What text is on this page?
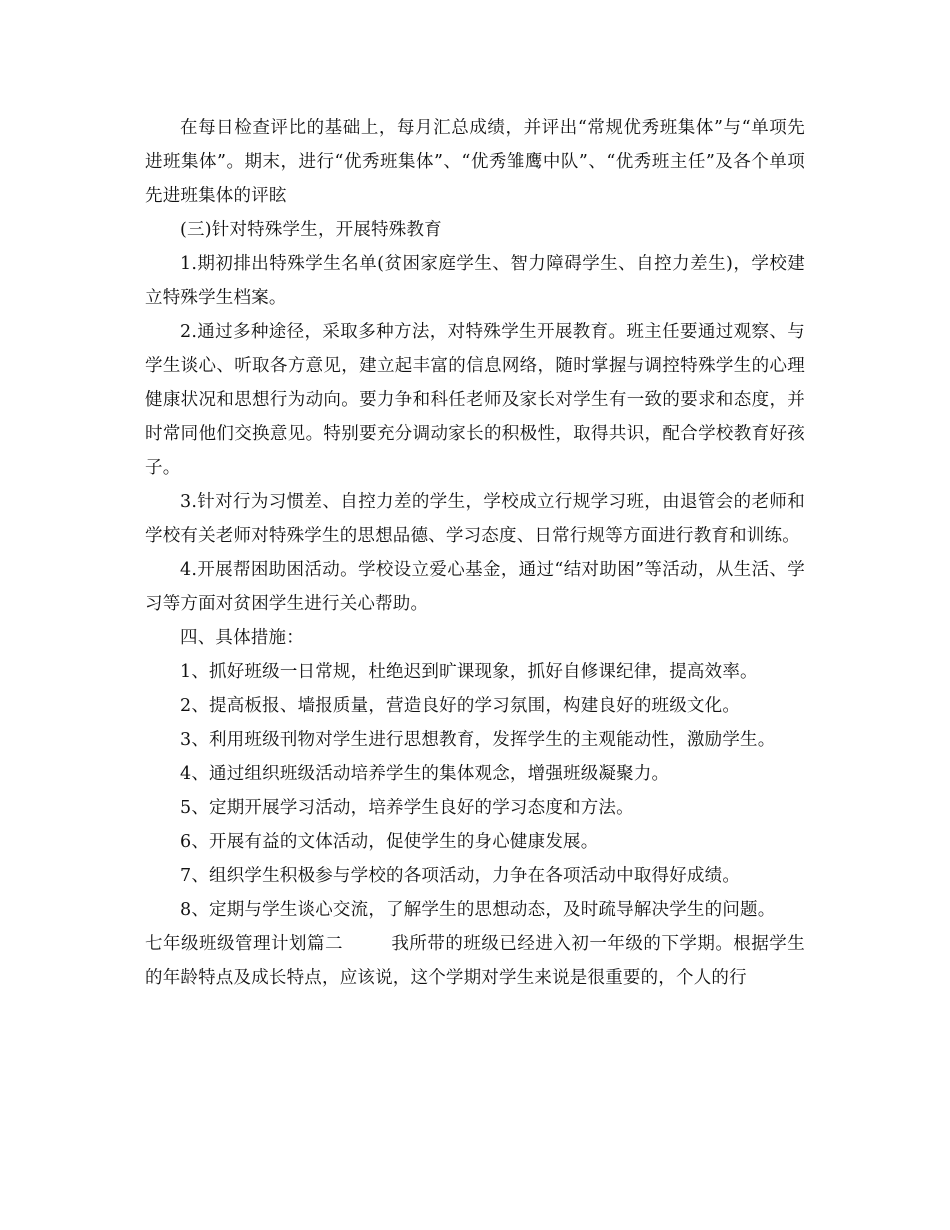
在每日检查评比的基础上，每月汇总成绩，并评出“常规优秀班集体”与“单项先进班集体”。期末，进行“优秀班集体”、“优秀雏鹰中队”、“优秀班主任”及各个单项先进班集体的评眩

(三)针对特殊学生，开展特殊教育

1.期初排出特殊学生名单(贫困家庭学生、智力障碍学生、自控力差生)，学校建立特殊学生档案。

2.通过多种途径，采取多种方法，对特殊学生开展教育。班主任要通过观察、与学生谈心、听取各方意见，建立起丰富的信息网络，随时掌握与调控特殊学生的心理健康状况和思想行为动向。要力争和科任老师及家长对学生有一致的要求和态度，并时常同他们交换意见。特别要充分调动家长的积极性，取得共识，配合学校教育好孩子。

3.针对行为习惯差、自控力差的学生，学校成立行规学习班，由退管会的老师和学校有关老师对特殊学生的思想品德、学习态度、日常行规等方面进行教育和训练。

4.开展帮困助困活动。学校设立爱心基金，通过“结对助困”等活动，从生活、学习等方面对贫困学生进行关心帮助。

四、具体措施：

1、抓好班级一日常规，杜绝迟到旷课现象，抓好自修课纪律，提高效率。

2、提高板报、墙报质量，营造良好的学习氛围，构建良好的班级文化。

3、利用班级刊物对学生进行思想教育，发挥学生的主观能动性，激励学生。

4、通过组织班级活动培养学生的集体观念，增强班级凝聚力。

5、定期开展学习活动，培养学生良好的学习态度和方法。

6、开展有益的文体活动，促使学生的身心健康发展。

7、组织学生积极参与学校的各项活动，力争在各项活动中取得好成绩。

8、定期与学生谈心交流，了解学生的思想动态，及时疏导解决学生的问题。

七年级班级管理计划篇二        我所带的班级已经进入初一年级的下学期。根据学生的年龄特点及成长特点，应该说，这个学期对学生来说是很重要的，个人的行
